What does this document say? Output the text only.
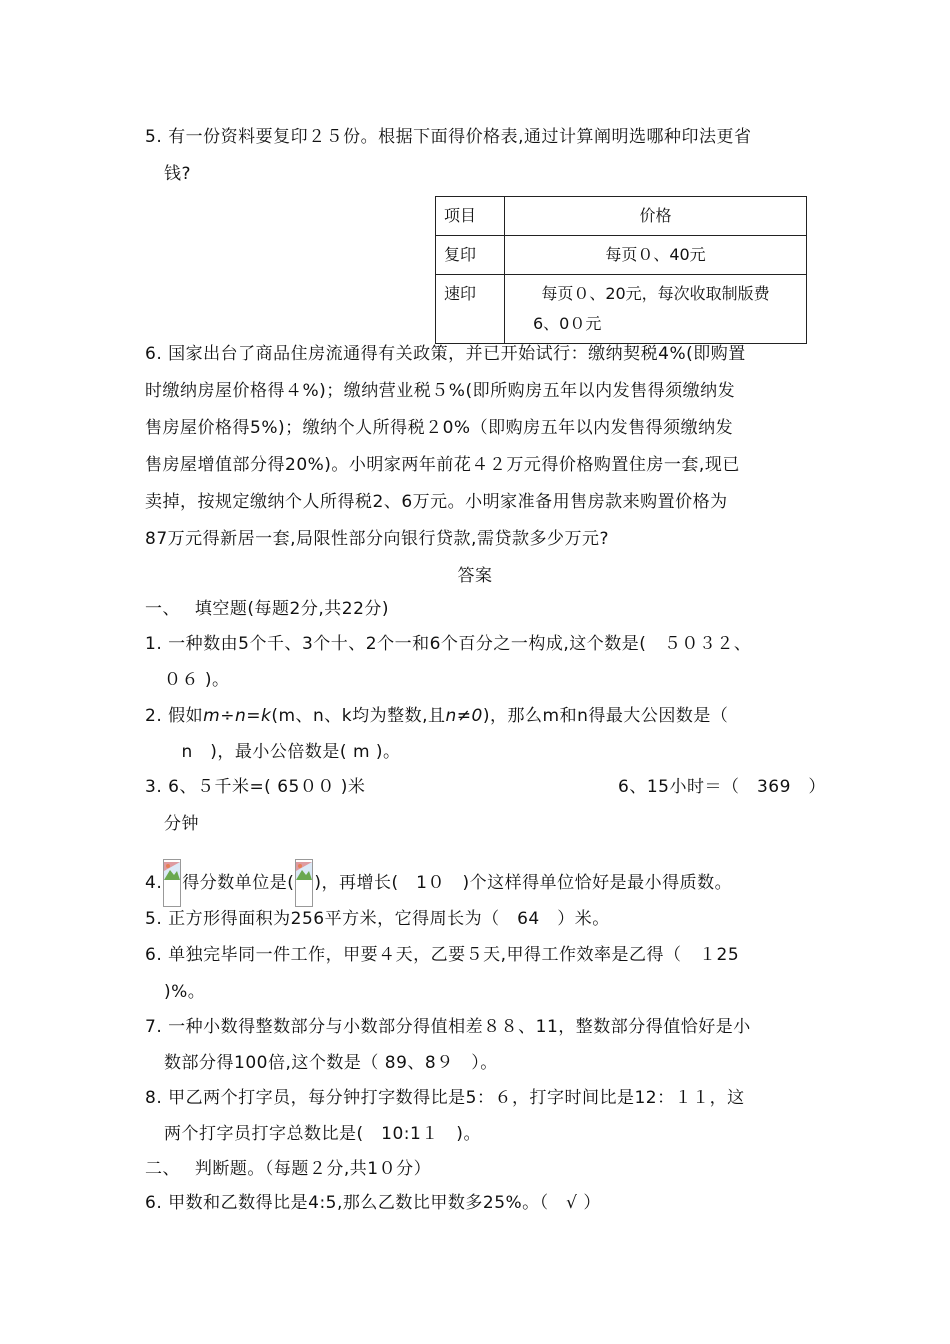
5. 有一份资料要复印２５份。根据下面得价格表,通过计算阐明选哪种印法更省
钱?
项目	价格
复印	每页０、40元
速印	每页０、20元，每次收取制版费
6、0０元
6. 国家出台了商品住房流通得有关政策，并已开始试行：缴纳契税4%(即购置
时缴纳房屋价格得４%)；缴纳营业税５%(即所购房五年以内发售得须缴纳发
售房屋价格得5%)；缴纳个人所得税２0%（即购房五年以内发售得须缴纳发
售房屋增值部分得20%)。小明家两年前花４２万元得价格购置住房一套,现已
卖掉，按规定缴纳个人所得税2、6万元。小明家准备用售房款来购置价格为
87万元得新居一套,局限性部分向银行贷款,需贷款多少万元?
答案
一、　 填空题(每题2分,共22分)
1. 一种数由5个千、3个十、2个一和6个百分之一构成,这个数是(　５０３２、
０６ )。
2. 假如m÷n=k(m、n、k均为整数,且n≠0)，那么m和n得最大公因数是（
　n　)，最小公倍数是( m )。
3. 6、５千米=( 65００ )米	6、15小时＝（　369　）
分钟
4. 得分数单位是( )，再增长(　1０　)个这样得单位恰好是最小得质数。
5. 正方形得面积为256平方米，它得周长为（　64　）米。
6. 单独完毕同一件工作，甲要４天，乙要５天,甲得工作效率是乙得（　１25
)%。
7. 一种小数得整数部分与小数部分得值相差８８、11，整数部分得值恰好是小
数部分得100倍,这个数是（ 89、8９　）。
8. 甲乙两个打字员，每分钟打字数得比是5：６，打字时间比是12：１１，这
两个打字员打字总数比是(　10:1１　)。
二、　 判断题。（每题２分,共1０分）
6. 甲数和乙数得比是4:5,那么乙数比甲数多25%。（　√ ）
